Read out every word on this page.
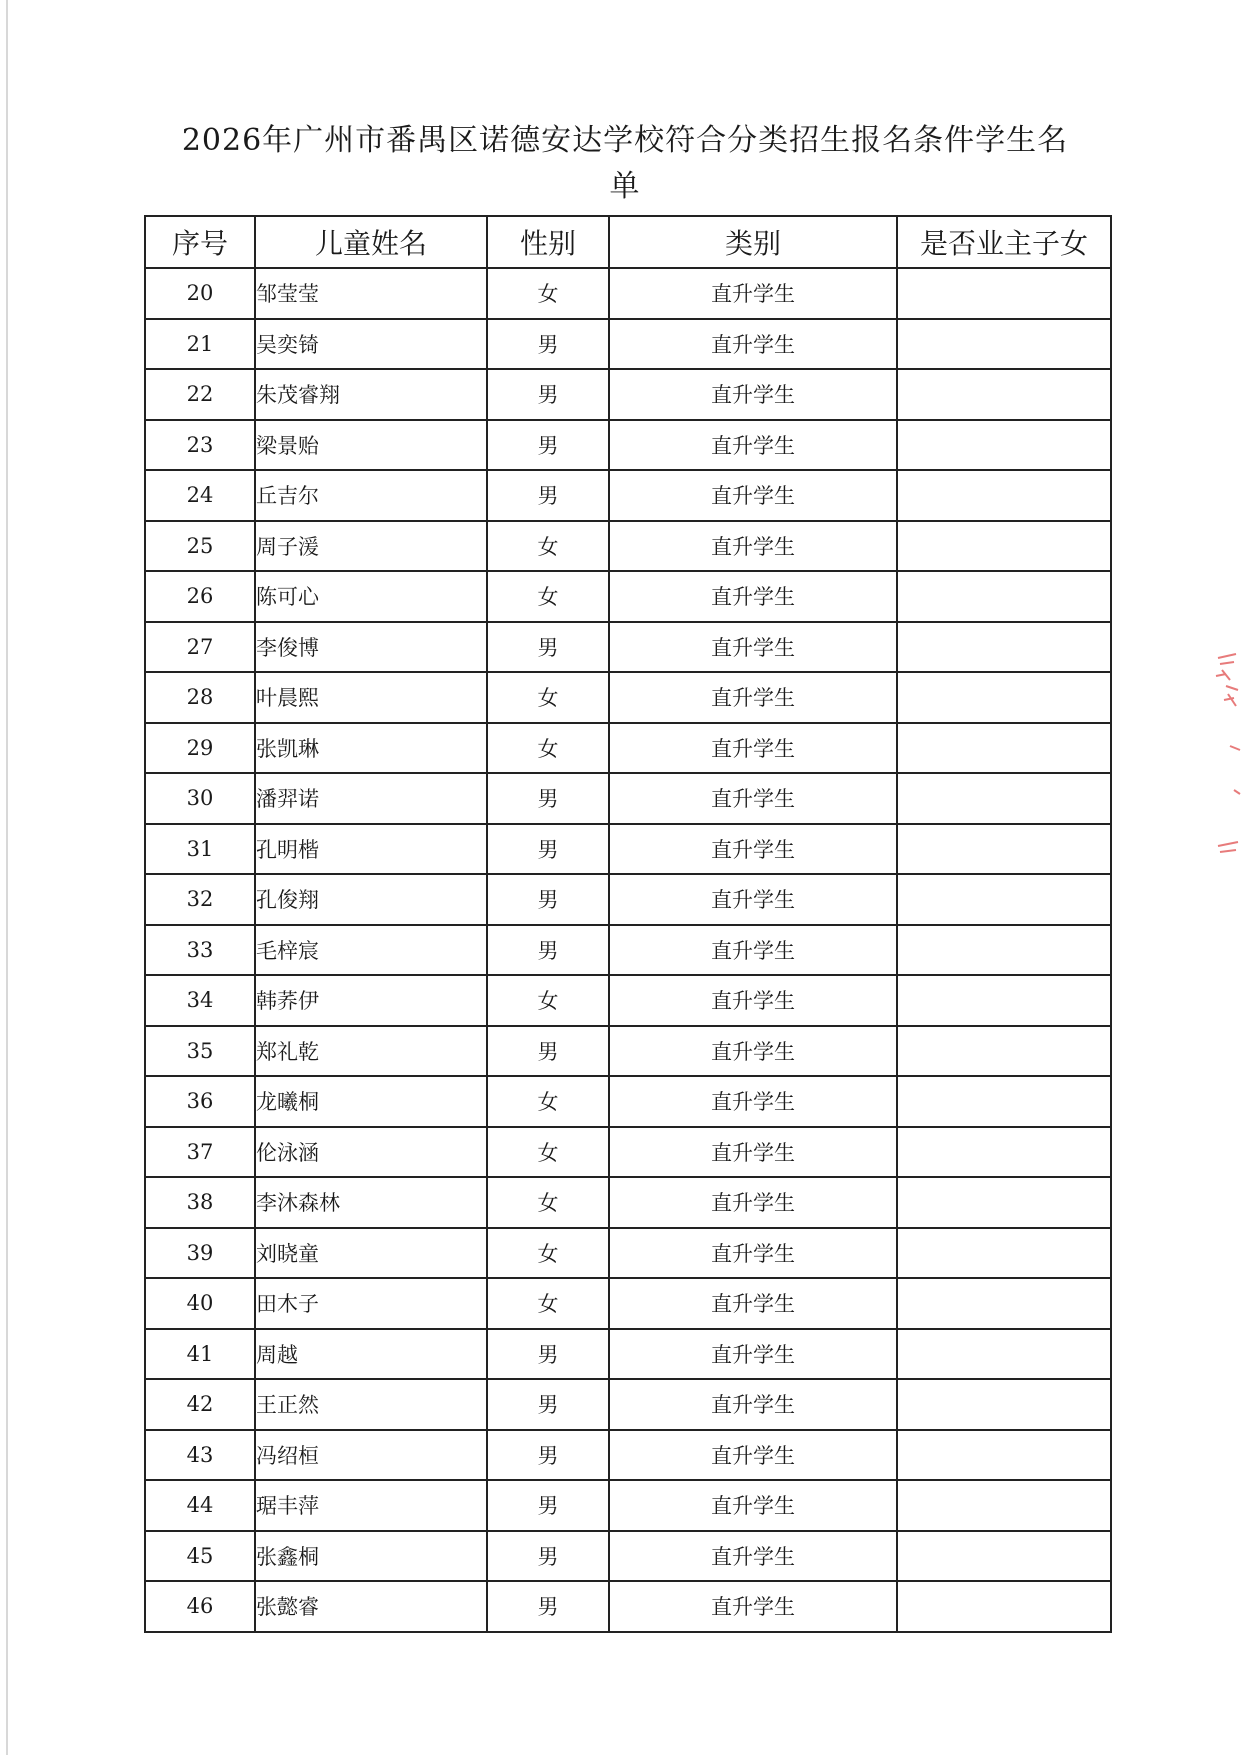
2026年广州市番禺区诺德安达学校符合分类招生报名条件学生名
单
序号	儿童姓名	性别	类别	是否业主子女
20	邹莹莹	女	直升学生	
21	吴奕锜	男	直升学生	
22	朱茂睿翔	男	直升学生	
23	梁景贻	男	直升学生	
24	丘吉尔	男	直升学生	
25	周子湲	女	直升学生	
26	陈可心	女	直升学生	
27	李俊博	男	直升学生	
28	叶晨熙	女	直升学生	
29	张凯琳	女	直升学生	
30	潘羿诺	男	直升学生	
31	孔明楷	男	直升学生	
32	孔俊翔	男	直升学生	
33	毛梓宸	男	直升学生	
34	韩荞伊	女	直升学生	
35	郑礼乾	男	直升学生	
36	龙曦桐	女	直升学生	
37	伦泳涵	女	直升学生	
38	李沐森林	女	直升学生	
39	刘晓童	女	直升学生	
40	田木子	女	直升学生	
41	周越	男	直升学生	
42	王正然	男	直升学生	
43	冯绍桓	男	直升学生	
44	琚丰萍	男	直升学生	
45	张鑫桐	男	直升学生	
46	张懿睿	男	直升学生	
